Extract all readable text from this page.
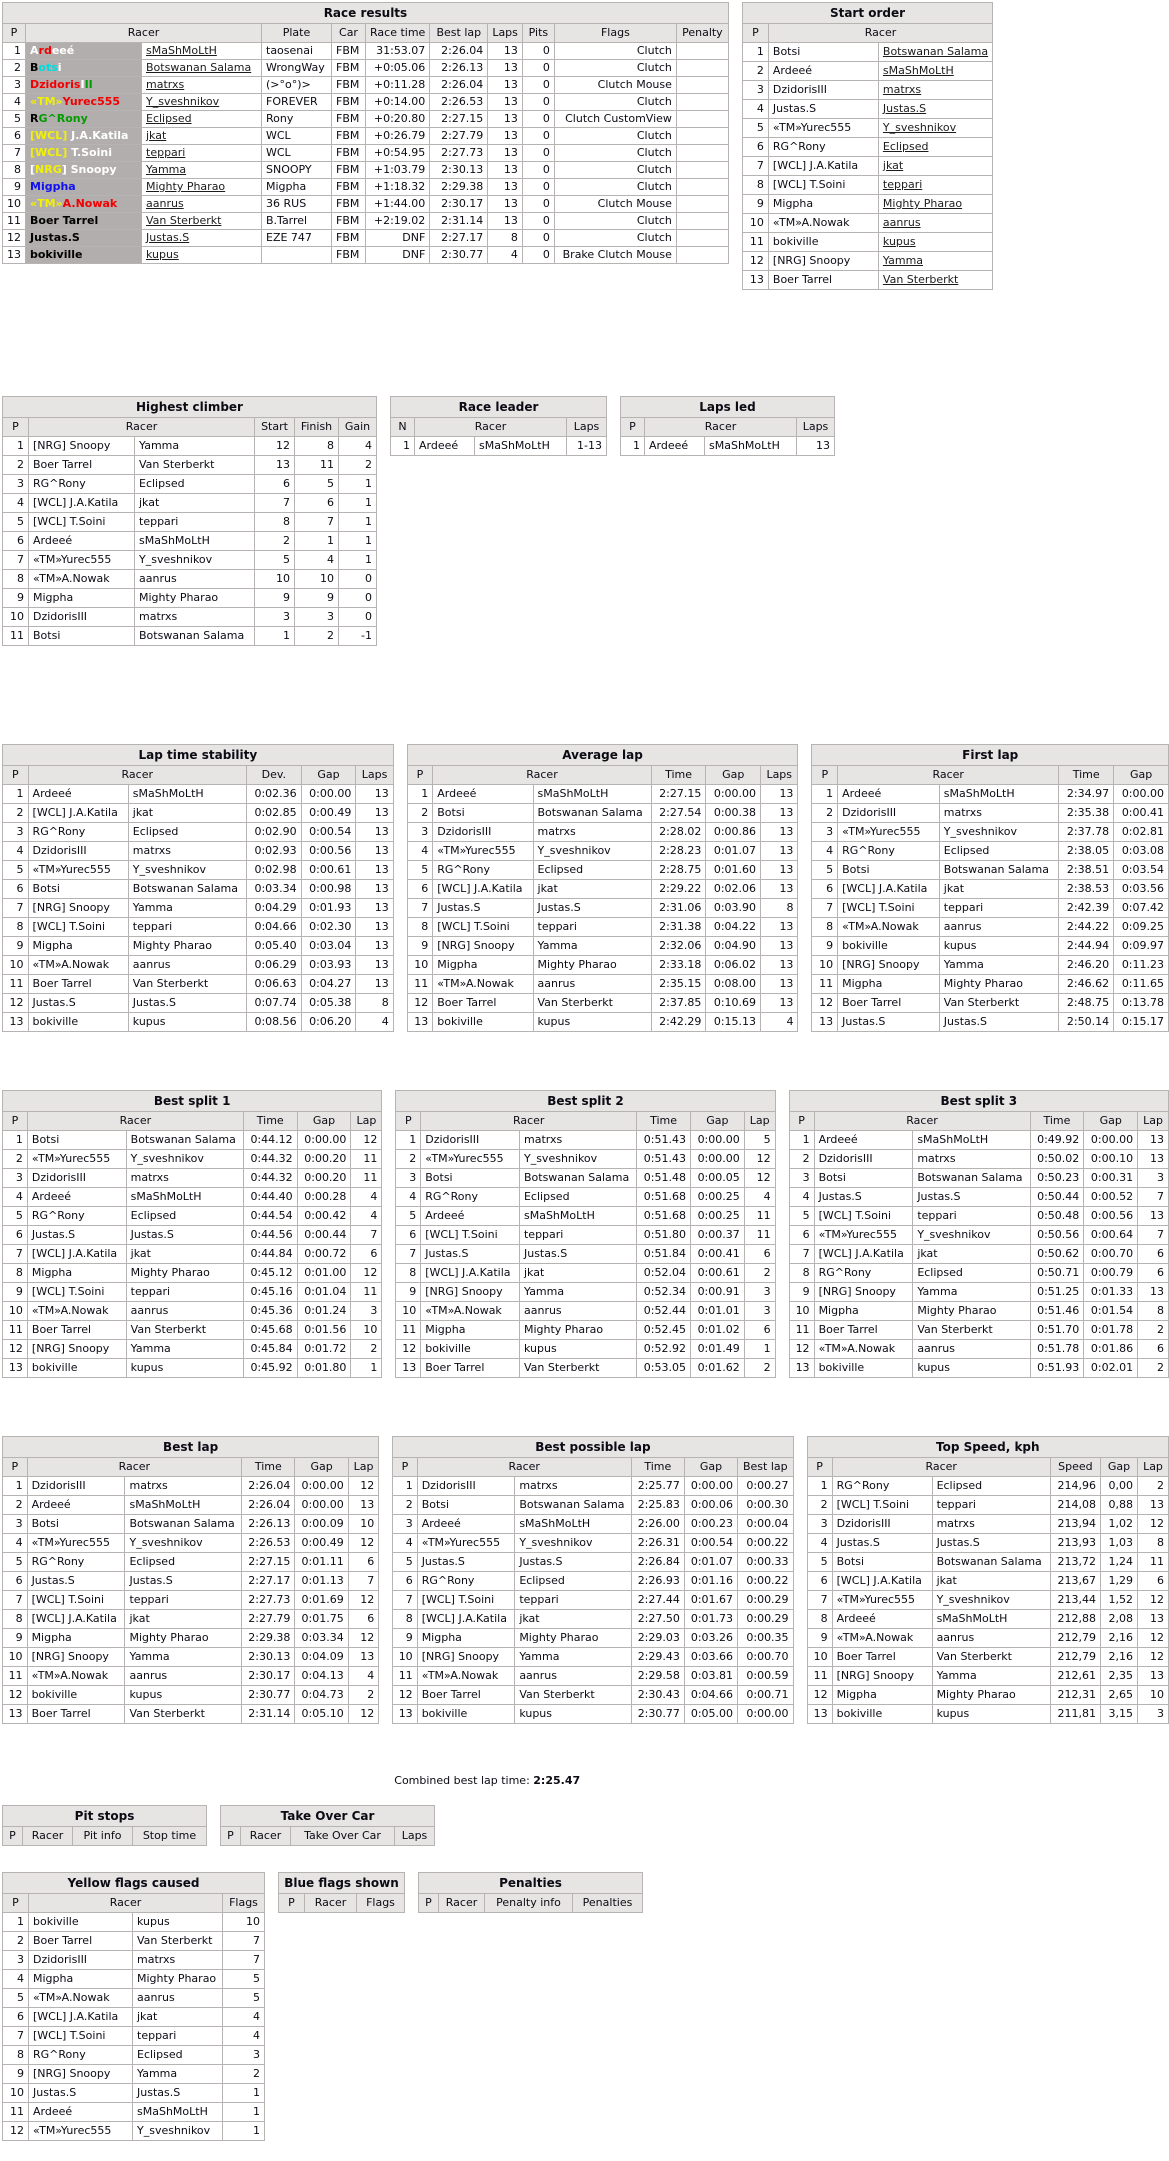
Race results										
P	Racer		Plate	Car	Race time	Best lap	Laps	Pits	Flags	Penalty
1	Ardeeé	sMaShMoLtH	taosenai	FBM	31:53.07	2:26.04	13	0	Clutch	
2	Botsi	Botswanan Salama	WrongWay	FBM	+0:05.06	2:26.13	13	0	Clutch	
3	DzidorisIII	matrxs	(>°o°)>	FBM	+0:11.28	2:26.04	13	0	Clutch Mouse	
4	«TM»Yurec555	Y_sveshnikov	FOREVER	FBM	+0:14.00	2:26.53	13	0	Clutch	
5	RG^Rony	Eclipsed	Rony	FBM	+0:20.80	2:27.15	13	0	Clutch CustomView	
6	[WCL] J.A.Katila	jkat	WCL	FBM	+0:26.79	2:27.79	13	0	Clutch	
7	[WCL] T.Soini	teppari	WCL	FBM	+0:54.95	2:27.73	13	0	Clutch	
8	[NRG] Snoopy	Yamma	SNOOPY	FBM	+1:03.79	2:30.13	13	0	Clutch	
9	Migpha	Mighty Pharao	Migpha	FBM	+1:18.32	2:29.38	13	0	Clutch	
10	«TM»A.Nowak	aanrus	36 RUS	FBM	+1:44.00	2:30.17	13	0	Clutch Mouse	
11	Boer Tarrel	Van Sterberkt	B.Tarrel	FBM	+2:19.02	2:31.14	13	0	Clutch	
12	Justas.S	Justas.S	EZE 747	FBM	DNF	2:27.17	8	0	Clutch	
13	bokiville	kupus		FBM	DNF	2:30.77	4	0	Brake Clutch Mouse	
Start order		
P	Racer	
1	Botsi	Botswanan Salama
2	Ardeeé	sMaShMoLtH
3	DzidorisIII	matrxs
4	Justas.S	Justas.S
5	«TM»Yurec555	Y_sveshnikov
6	RG^Rony	Eclipsed
7	[WCL] J.A.Katila	jkat
8	[WCL] T.Soini	teppari
9	Migpha	Mighty Pharao
10	«TM»A.Nowak	aanrus
11	bokiville	kupus
12	[NRG] Snoopy	Yamma
13	Boer Tarrel	Van Sterberkt
Highest climber					
P	Racer		Start	Finish	Gain
1	[NRG] Snoopy	Yamma	12	8	4
2	Boer Tarrel	Van Sterberkt	13	11	2
3	RG^Rony	Eclipsed	6	5	1
4	[WCL] J.A.Katila	jkat	7	6	1
5	[WCL] T.Soini	teppari	8	7	1
6	Ardeeé	sMaShMoLtH	2	1	1
7	«TM»Yurec555	Y_sveshnikov	5	4	1
8	«TM»A.Nowak	aanrus	10	10	0
9	Migpha	Mighty Pharao	9	9	0
10	DzidorisIII	matrxs	3	3	0
11	Botsi	Botswanan Salama	1	2	-1
Race leader			
N	Racer		Laps
1	Ardeeé	sMaShMoLtH	1-13
Laps led			
P	Racer		Laps
1	Ardeeé	sMaShMoLtH	13
Lap time stability					
P	Racer		Dev.	Gap	Laps
1	Ardeeé	sMaShMoLtH	0:02.36	0:00.00	13
2	[WCL] J.A.Katila	jkat	0:02.85	0:00.49	13
3	RG^Rony	Eclipsed	0:02.90	0:00.54	13
4	DzidorisIII	matrxs	0:02.93	0:00.56	13
5	«TM»Yurec555	Y_sveshnikov	0:02.98	0:00.61	13
6	Botsi	Botswanan Salama	0:03.34	0:00.98	13
7	[NRG] Snoopy	Yamma	0:04.29	0:01.93	13
8	[WCL] T.Soini	teppari	0:04.66	0:02.30	13
9	Migpha	Mighty Pharao	0:05.40	0:03.04	13
10	«TM»A.Nowak	aanrus	0:06.29	0:03.93	13
11	Boer Tarrel	Van Sterberkt	0:06.63	0:04.27	13
12	Justas.S	Justas.S	0:07.74	0:05.38	8
13	bokiville	kupus	0:08.56	0:06.20	4
Average lap					
P	Racer		Time	Gap	Laps
1	Ardeeé	sMaShMoLtH	2:27.15	0:00.00	13
2	Botsi	Botswanan Salama	2:27.54	0:00.38	13
3	DzidorisIII	matrxs	2:28.02	0:00.86	13
4	«TM»Yurec555	Y_sveshnikov	2:28.23	0:01.07	13
5	RG^Rony	Eclipsed	2:28.75	0:01.60	13
6	[WCL] J.A.Katila	jkat	2:29.22	0:02.06	13
7	Justas.S	Justas.S	2:31.06	0:03.90	8
8	[WCL] T.Soini	teppari	2:31.38	0:04.22	13
9	[NRG] Snoopy	Yamma	2:32.06	0:04.90	13
10	Migpha	Mighty Pharao	2:33.18	0:06.02	13
11	«TM»A.Nowak	aanrus	2:35.15	0:08.00	13
12	Boer Tarrel	Van Sterberkt	2:37.85	0:10.69	13
13	bokiville	kupus	2:42.29	0:15.13	4
First lap				
P	Racer		Time	Gap
1	Ardeeé	sMaShMoLtH	2:34.97	0:00.00
2	DzidorisIII	matrxs	2:35.38	0:00.41
3	«TM»Yurec555	Y_sveshnikov	2:37.78	0:02.81
4	RG^Rony	Eclipsed	2:38.05	0:03.08
5	Botsi	Botswanan Salama	2:38.51	0:03.54
6	[WCL] J.A.Katila	jkat	2:38.53	0:03.56
7	[WCL] T.Soini	teppari	2:42.39	0:07.42
8	«TM»A.Nowak	aanrus	2:44.22	0:09.25
9	bokiville	kupus	2:44.94	0:09.97
10	[NRG] Snoopy	Yamma	2:46.20	0:11.23
11	Migpha	Mighty Pharao	2:46.62	0:11.65
12	Boer Tarrel	Van Sterberkt	2:48.75	0:13.78
13	Justas.S	Justas.S	2:50.14	0:15.17
Best split 1					
P	Racer		Time	Gap	Lap
1	Botsi	Botswanan Salama	0:44.12	0:00.00	12
2	«TM»Yurec555	Y_sveshnikov	0:44.32	0:00.20	11
3	DzidorisIII	matrxs	0:44.32	0:00.20	11
4	Ardeeé	sMaShMoLtH	0:44.40	0:00.28	4
5	RG^Rony	Eclipsed	0:44.54	0:00.42	4
6	Justas.S	Justas.S	0:44.56	0:00.44	7
7	[WCL] J.A.Katila	jkat	0:44.84	0:00.72	6
8	Migpha	Mighty Pharao	0:45.12	0:01.00	12
9	[WCL] T.Soini	teppari	0:45.16	0:01.04	11
10	«TM»A.Nowak	aanrus	0:45.36	0:01.24	3
11	Boer Tarrel	Van Sterberkt	0:45.68	0:01.56	10
12	[NRG] Snoopy	Yamma	0:45.84	0:01.72	2
13	bokiville	kupus	0:45.92	0:01.80	1
Best split 2					
P	Racer		Time	Gap	Lap
1	DzidorisIII	matrxs	0:51.43	0:00.00	5
2	«TM»Yurec555	Y_sveshnikov	0:51.43	0:00.00	12
3	Botsi	Botswanan Salama	0:51.48	0:00.05	12
4	RG^Rony	Eclipsed	0:51.68	0:00.25	4
5	Ardeeé	sMaShMoLtH	0:51.68	0:00.25	11
6	[WCL] T.Soini	teppari	0:51.80	0:00.37	11
7	Justas.S	Justas.S	0:51.84	0:00.41	6
8	[WCL] J.A.Katila	jkat	0:52.04	0:00.61	2
9	[NRG] Snoopy	Yamma	0:52.34	0:00.91	3
10	«TM»A.Nowak	aanrus	0:52.44	0:01.01	3
11	Migpha	Mighty Pharao	0:52.45	0:01.02	6
12	bokiville	kupus	0:52.92	0:01.49	1
13	Boer Tarrel	Van Sterberkt	0:53.05	0:01.62	2
Best split 3					
P	Racer		Time	Gap	Lap
1	Ardeeé	sMaShMoLtH	0:49.92	0:00.00	13
2	DzidorisIII	matrxs	0:50.02	0:00.10	13
3	Botsi	Botswanan Salama	0:50.23	0:00.31	3
4	Justas.S	Justas.S	0:50.44	0:00.52	7
5	[WCL] T.Soini	teppari	0:50.48	0:00.56	13
6	«TM»Yurec555	Y_sveshnikov	0:50.56	0:00.64	7
7	[WCL] J.A.Katila	jkat	0:50.62	0:00.70	6
8	RG^Rony	Eclipsed	0:50.71	0:00.79	6
9	[NRG] Snoopy	Yamma	0:51.25	0:01.33	13
10	Migpha	Mighty Pharao	0:51.46	0:01.54	8
11	Boer Tarrel	Van Sterberkt	0:51.70	0:01.78	2
12	«TM»A.Nowak	aanrus	0:51.78	0:01.86	6
13	bokiville	kupus	0:51.93	0:02.01	2
Best lap					
P	Racer		Time	Gap	Lap
1	DzidorisIII	matrxs	2:26.04	0:00.00	12
2	Ardeeé	sMaShMoLtH	2:26.04	0:00.00	13
3	Botsi	Botswanan Salama	2:26.13	0:00.09	10
4	«TM»Yurec555	Y_sveshnikov	2:26.53	0:00.49	12
5	RG^Rony	Eclipsed	2:27.15	0:01.11	6
6	Justas.S	Justas.S	2:27.17	0:01.13	7
7	[WCL] T.Soini	teppari	2:27.73	0:01.69	12
8	[WCL] J.A.Katila	jkat	2:27.79	0:01.75	6
9	Migpha	Mighty Pharao	2:29.38	0:03.34	12
10	[NRG] Snoopy	Yamma	2:30.13	0:04.09	13
11	«TM»A.Nowak	aanrus	2:30.17	0:04.13	4
12	bokiville	kupus	2:30.77	0:04.73	2
13	Boer Tarrel	Van Sterberkt	2:31.14	0:05.10	12
Best possible lap					
P	Racer		Time	Gap	Best lap
1	DzidorisIII	matrxs	2:25.77	0:00.00	0:00.27
2	Botsi	Botswanan Salama	2:25.83	0:00.06	0:00.30
3	Ardeeé	sMaShMoLtH	2:26.00	0:00.23	0:00.04
4	«TM»Yurec555	Y_sveshnikov	2:26.31	0:00.54	0:00.22
5	Justas.S	Justas.S	2:26.84	0:01.07	0:00.33
6	RG^Rony	Eclipsed	2:26.93	0:01.16	0:00.22
7	[WCL] T.Soini	teppari	2:27.44	0:01.67	0:00.29
8	[WCL] J.A.Katila	jkat	2:27.50	0:01.73	0:00.29
9	Migpha	Mighty Pharao	2:29.03	0:03.26	0:00.35
10	[NRG] Snoopy	Yamma	2:29.43	0:03.66	0:00.70
11	«TM»A.Nowak	aanrus	2:29.58	0:03.81	0:00.59
12	Boer Tarrel	Van Sterberkt	2:30.43	0:04.66	0:00.71
13	bokiville	kupus	2:30.77	0:05.00	0:00.00
Combined best lap time: 2:25.47
Top Speed, kph					
P	Racer		Speed	Gap	Lap
1	RG^Rony	Eclipsed	214,96	0,00	2
2	[WCL] T.Soini	teppari	214,08	0,88	13
3	DzidorisIII	matrxs	213,94	1,02	12
4	Justas.S	Justas.S	213,93	1,03	8
5	Botsi	Botswanan Salama	213,72	1,24	11
6	[WCL] J.A.Katila	jkat	213,67	1,29	6
7	«TM»Yurec555	Y_sveshnikov	213,44	1,52	12
8	Ardeeé	sMaShMoLtH	212,88	2,08	13
9	«TM»A.Nowak	aanrus	212,79	2,16	12
10	Boer Tarrel	Van Sterberkt	212,79	2,16	12
11	[NRG] Snoopy	Yamma	212,61	2,35	13
12	Migpha	Mighty Pharao	212,31	2,65	10
13	bokiville	kupus	211,81	3,15	3
Pit stops
P	Racer	Pit info	Stop time
Take Over Car
P	Racer	Take Over Car	Laps
Yellow flags caused			
P	Racer		Flags
1	bokiville	kupus	10
2	Boer Tarrel	Van Sterberkt	7
3	DzidorisIII	matrxs	7
4	Migpha	Mighty Pharao	5
5	«TM»A.Nowak	aanrus	5
6	[WCL] J.A.Katila	jkat	4
7	[WCL] T.Soini	teppari	4
8	RG^Rony	Eclipsed	3
9	[NRG] Snoopy	Yamma	2
10	Justas.S	Justas.S	1
11	Ardeeé	sMaShMoLtH	1
12	«TM»Yurec555	Y_sveshnikov	1
Blue flags shown
P	Racer	Flags
Penalties
P	Racer	Penalty info	Penalties
